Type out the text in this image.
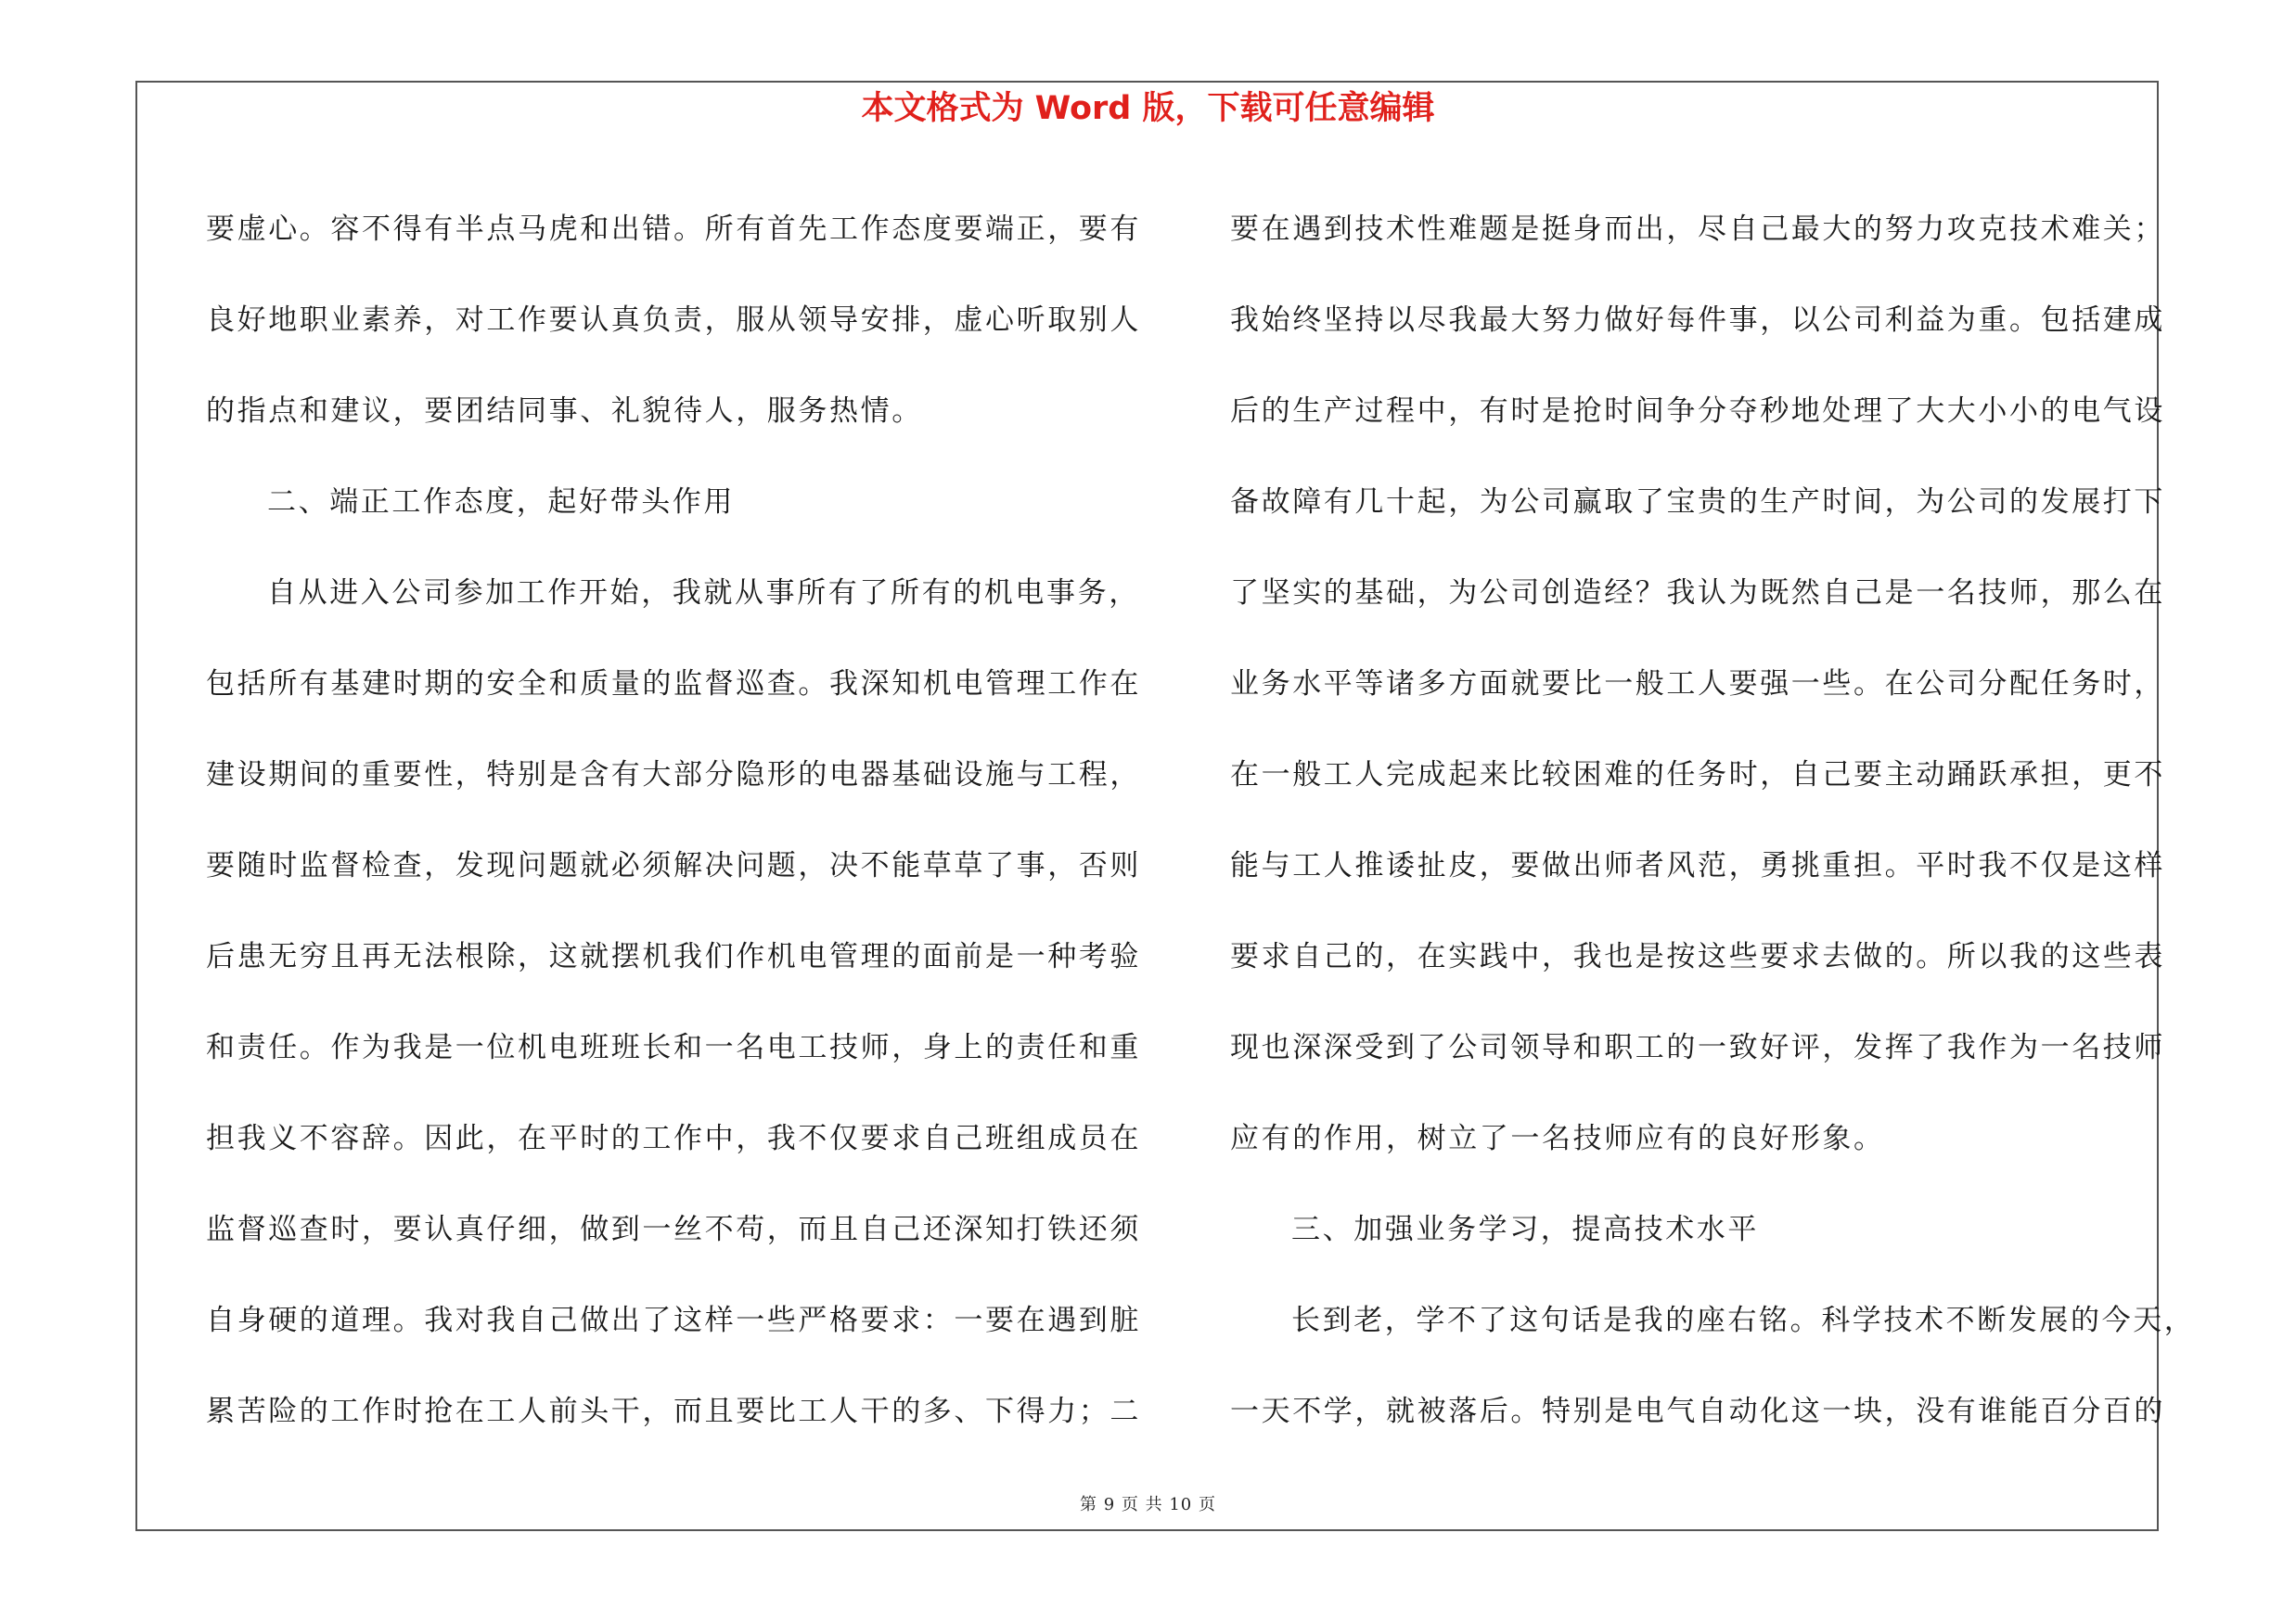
本文格式为 Word 版，下载可任意编辑
要虚心。容不得有半点马虎和出错。所有首先工作态度要端正，要有
良好地职业素养，对工作要认真负责，服从领导安排，虚心听取别人
的指点和建议，要团结同事、礼貌待人，服务热情。
二、端正工作态度，起好带头作用
自从进入公司参加工作开始，我就从事所有了所有的机电事务，
包括所有基建时期的安全和质量的监督巡查。我深知机电管理工作在
建设期间的重要性，特别是含有大部分隐形的电器基础设施与工程，
要随时监督检查，发现问题就必须解决问题，决不能草草了事，否则
后患无穷且再无法根除，这就摆机我们作机电管理的面前是一种考验
和责任。作为我是一位机电班班长和一名电工技师，身上的责任和重
担我义不容辞。因此，在平时的工作中，我不仅要求自己班组成员在
监督巡查时，要认真仔细，做到一丝不苟，而且自己还深知打铁还须
自身硬的道理。我对我自己做出了这样一些严格要求：一要在遇到脏
累苦险的工作时抢在工人前头干，而且要比工人干的多、下得力；二
要在遇到技术性难题是挺身而出，尽自己最大的努力攻克技术难关；
我始终坚持以尽我最大努力做好每件事，以公司利益为重。包括建成
后的生产过程中，有时是抢时间争分夺秒地处理了大大小小的电气设
备故障有几十起，为公司赢取了宝贵的生产时间，为公司的发展打下
了坚实的基础，为公司创造经？我认为既然自己是一名技师，那么在
业务水平等诸多方面就要比一般工人要强一些。在公司分配任务时，
在一般工人完成起来比较困难的任务时，自己要主动踊跃承担，更不
能与工人推诿扯皮，要做出师者风范，勇挑重担。平时我不仅是这样
要求自己的，在实践中，我也是按这些要求去做的。所以我的这些表
现也深深受到了公司领导和职工的一致好评，发挥了我作为一名技师
应有的作用，树立了一名技师应有的良好形象。
三、加强业务学习，提高技术水平
长到老，学不了这句话是我的座右铭。科学技术不断发展的今天，
一天不学，就被落后。特别是电气自动化这一块，没有谁能百分百的
第 9 页 共 10 页
